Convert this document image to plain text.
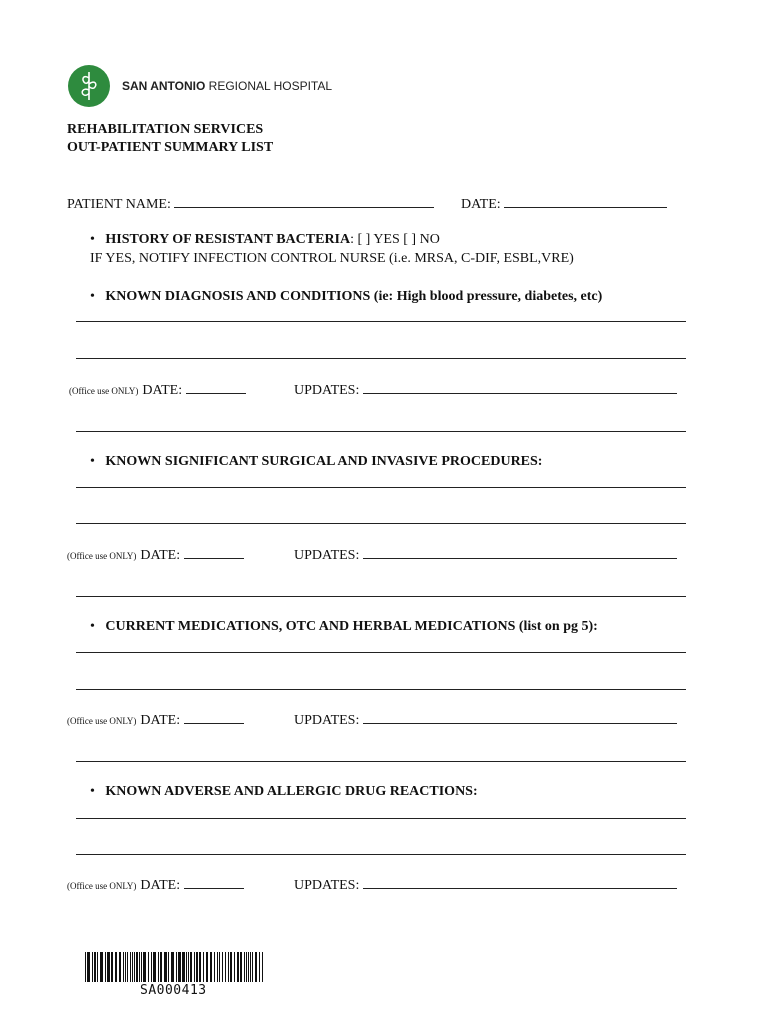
SAN ANTONIO REGIONAL HOSPITAL
REHABILITATION SERVICES
OUT-PATIENT SUMMARY LIST
PATIENT NAME:	DATE:
• HISTORY OF RESISTANT BACTERIA: [ ] YES [ ] NO
IF YES, NOTIFY INFECTION CONTROL NURSE (i.e. MRSA, C-DIF, ESBL,VRE)
• KNOWN DIAGNOSIS AND CONDITIONS (ie: High blood pressure, diabetes, etc)
(Office use ONLY) DATE:	UPDATES:
• KNOWN SIGNIFICANT SURGICAL AND INVASIVE PROCEDURES:
(Office use ONLY) DATE:	UPDATES:
• CURRENT MEDICATIONS, OTC AND HERBAL MEDICATIONS (list on pg 5):
(Office use ONLY) DATE:	UPDATES:
• KNOWN ADVERSE AND ALLERGIC DRUG REACTIONS:
(Office use ONLY) DATE:	UPDATES:
SA000413
